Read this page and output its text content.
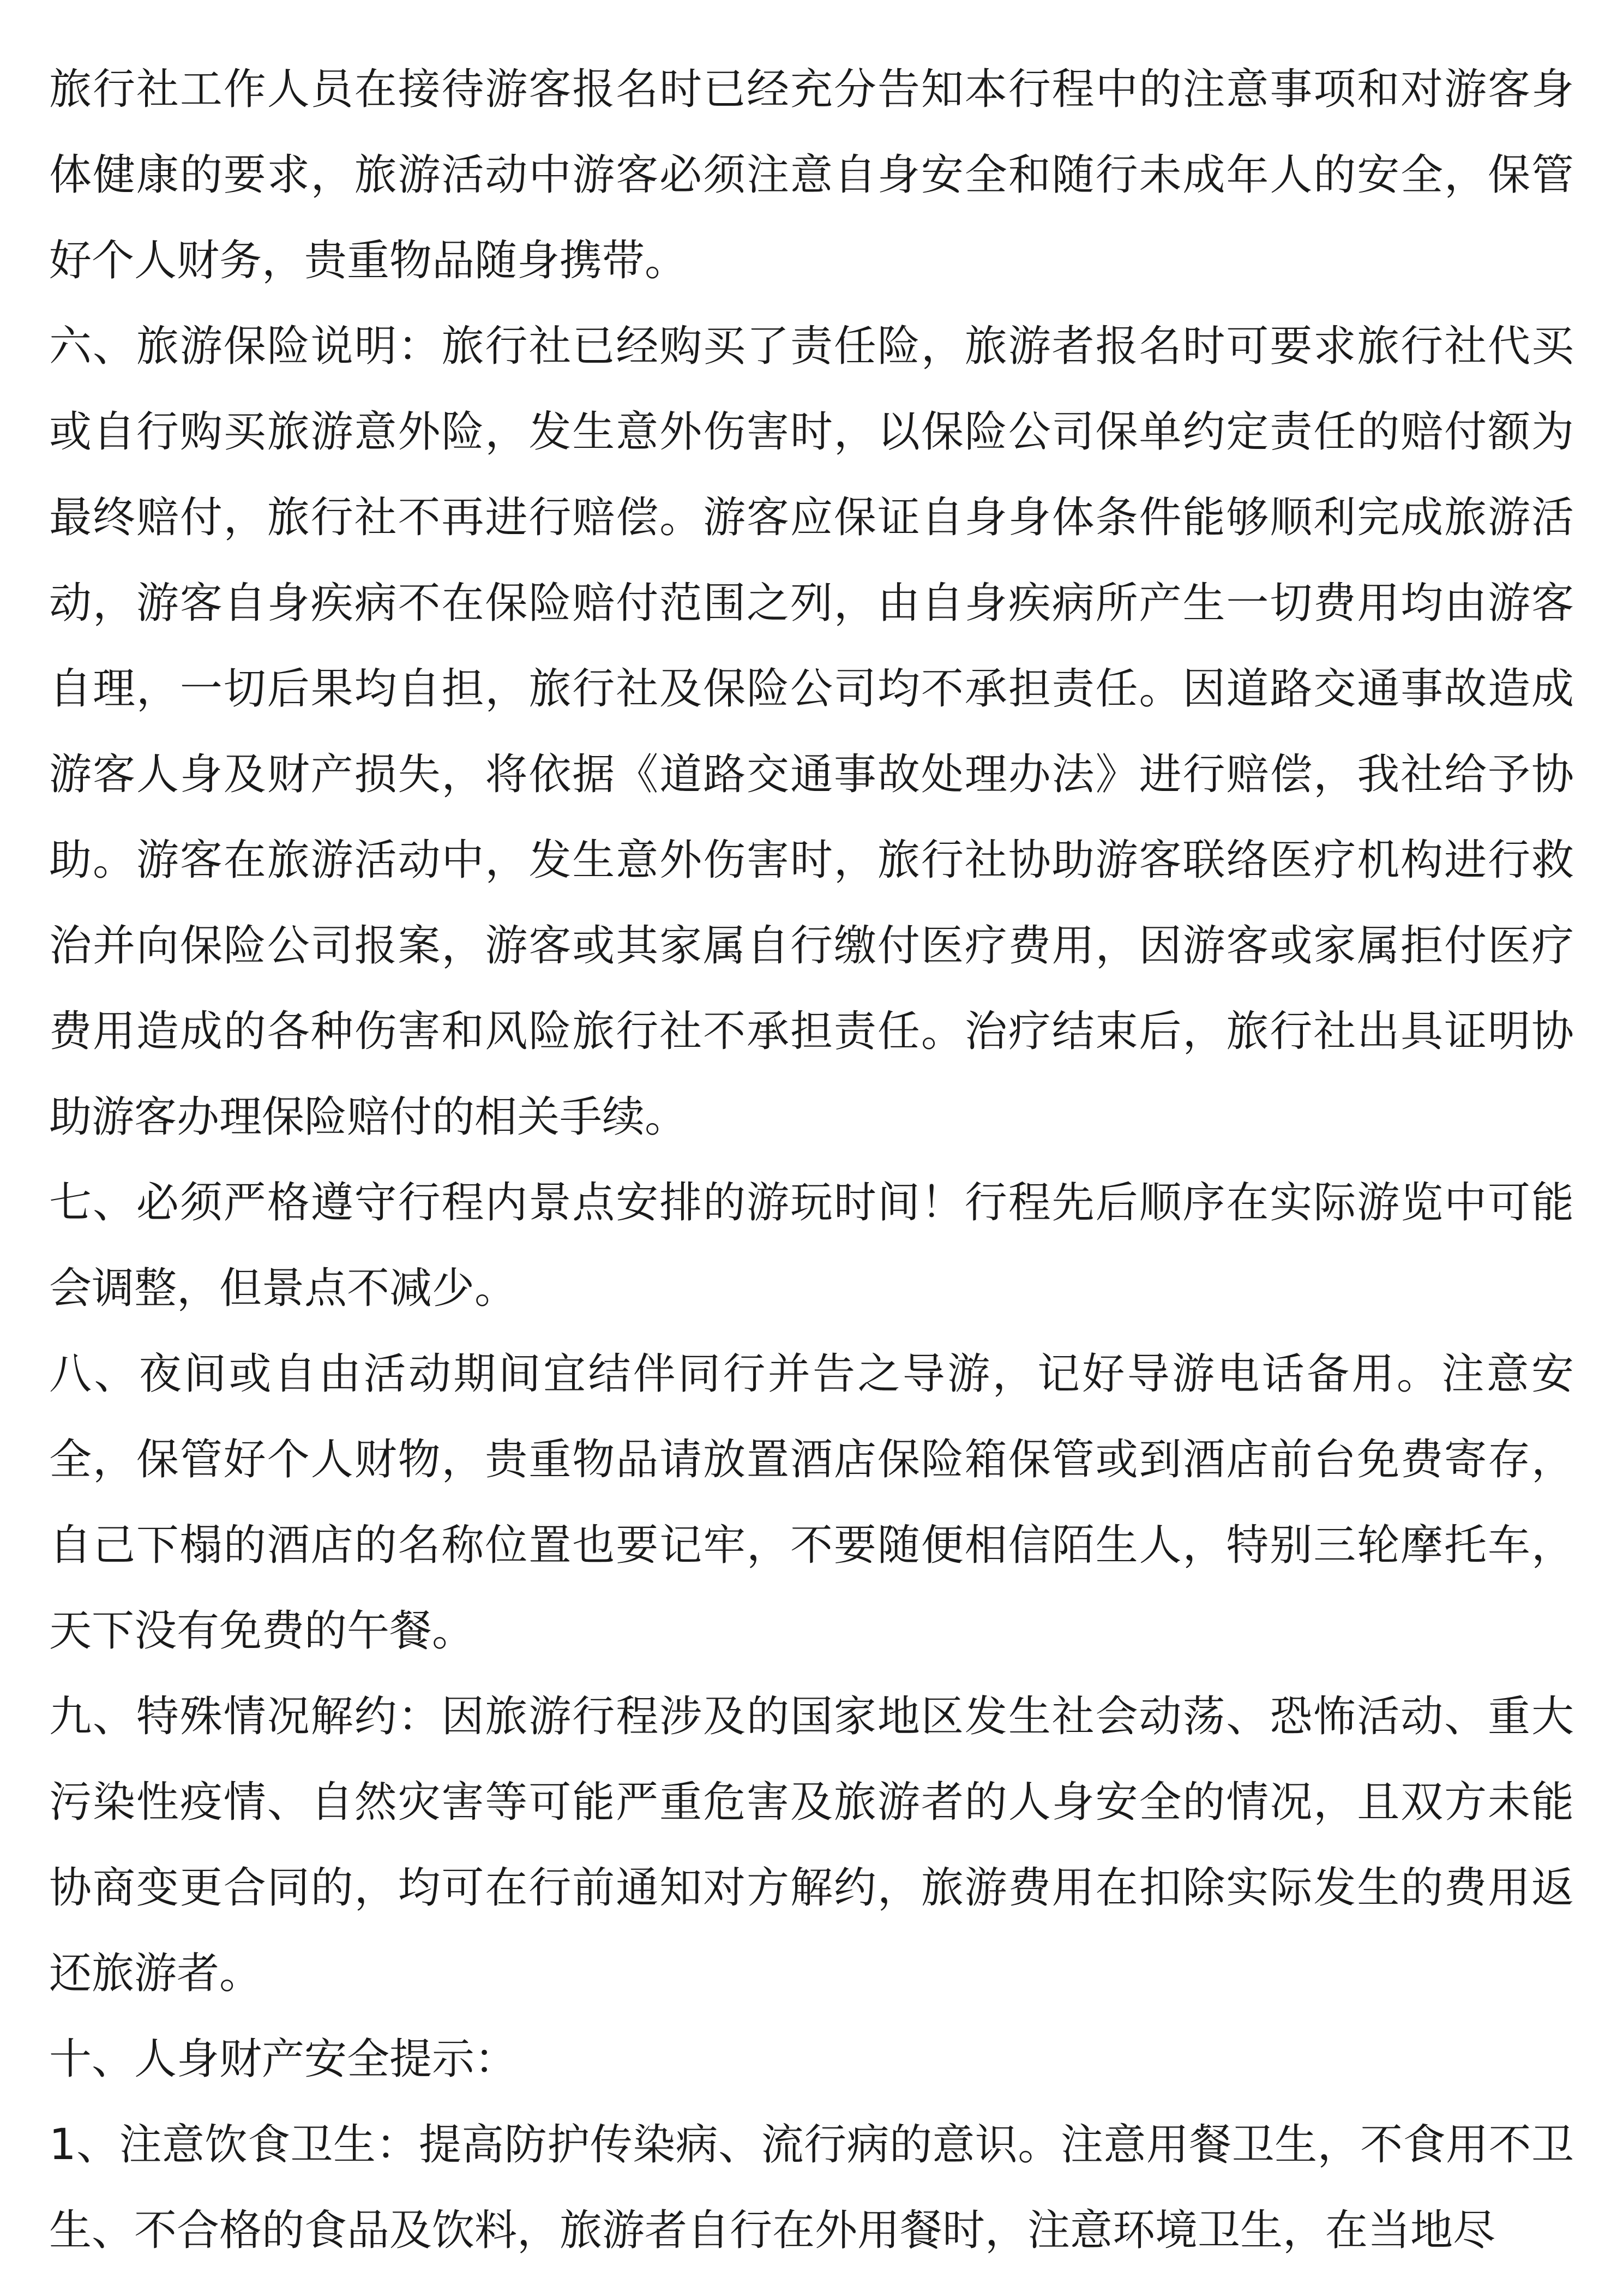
旅行社工作人员在接待游客报名时已经充分告知本行程中的注意事项和对游客身体健康的要求，旅游活动中游客必须注意自身安全和随行未成年人的安全，保管好个人财务，贵重物品随身携带。

六、旅游保险说明：旅行社已经购买了责任险，旅游者报名时可要求旅行社代买或自行购买旅游意外险，发生意外伤害时，以保险公司保单约定责任的赔付额为最终赔付，旅行社不再进行赔偿。游客应保证自身身体条件能够顺利完成旅游活动，游客自身疾病不在保险赔付范围之列，由自身疾病所产生一切费用均由游客自理，一切后果均自担，旅行社及保险公司均不承担责任。因道路交通事故造成游客人身及财产损失，将依据《道路交通事故处理办法》进行赔偿，我社给予协助。游客在旅游活动中，发生意外伤害时，旅行社协助游客联络医疗机构进行救治并向保险公司报案，游客或其家属自行缴付医疗费用，因游客或家属拒付医疗费用造成的各种伤害和风险旅行社不承担责任。治疗结束后，旅行社出具证明协助游客办理保险赔付的相关手续。

七、必须严格遵守行程内景点安排的游玩时间！行程先后顺序在实际游览中可能会调整，但景点不减少。

八、夜间或自由活动期间宜结伴同行并告之导游，记好导游电话备用。注意安全，保管好个人财物，贵重物品请放置酒店保险箱保管或到酒店前台免费寄存，自己下榻的酒店的名称位置也要记牢，不要随便相信陌生人，特别三轮摩托车，天下没有免费的午餐。

九、特殊情况解约：因旅游行程涉及的国家地区发生社会动荡、恐怖活动、重大污染性疫情、自然灾害等可能严重危害及旅游者的人身安全的情况，且双方未能协商变更合同的，均可在行前通知对方解约，旅游费用在扣除实际发生的费用返还旅游者。

十、人身财产安全提示：

1、注意饮食卫生：提高防护传染病、流行病的意识。注意用餐卫生，不食用不卫生、不合格的食品及饮料，旅游者自行在外用餐时，注意环境卫生，在当地尽
